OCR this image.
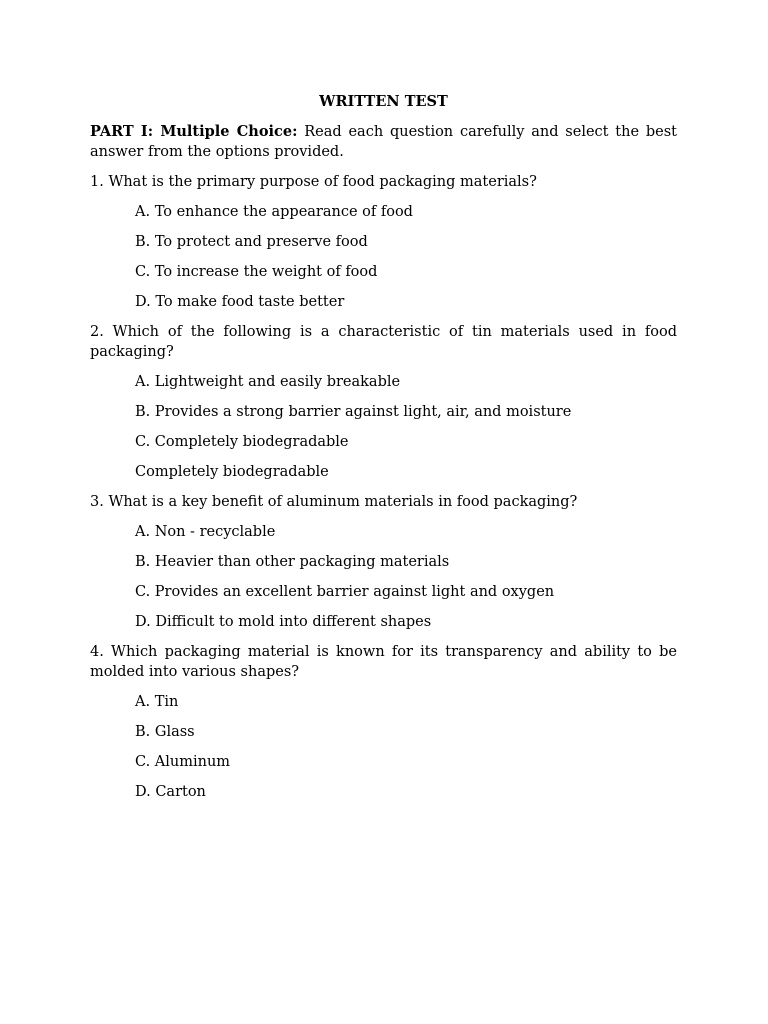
WRITTEN TEST
PART I: Multiple Choice: Read each question carefully and select the best answer from the options provided.
1. What is the primary purpose of food packaging materials?
A. To enhance the appearance of food
B. To protect and preserve food
C. To increase the weight of food
D. To make food taste better
2. Which of the following is a characteristic of tin materials used in food packaging?
A. Lightweight and easily breakable
B. Provides a strong barrier against light, air, and moisture
C. Completely biodegradable
Completely biodegradable
3. What is a key benefit of aluminum materials in food packaging?
A. Non - recyclable
B. Heavier than other packaging materials
C. Provides an excellent barrier against light and oxygen
D. Difficult to mold into different shapes
4. Which packaging material is known for its transparency and ability to be molded into various shapes?
A. Tin
B. Glass
C. Aluminum
D. Carton
